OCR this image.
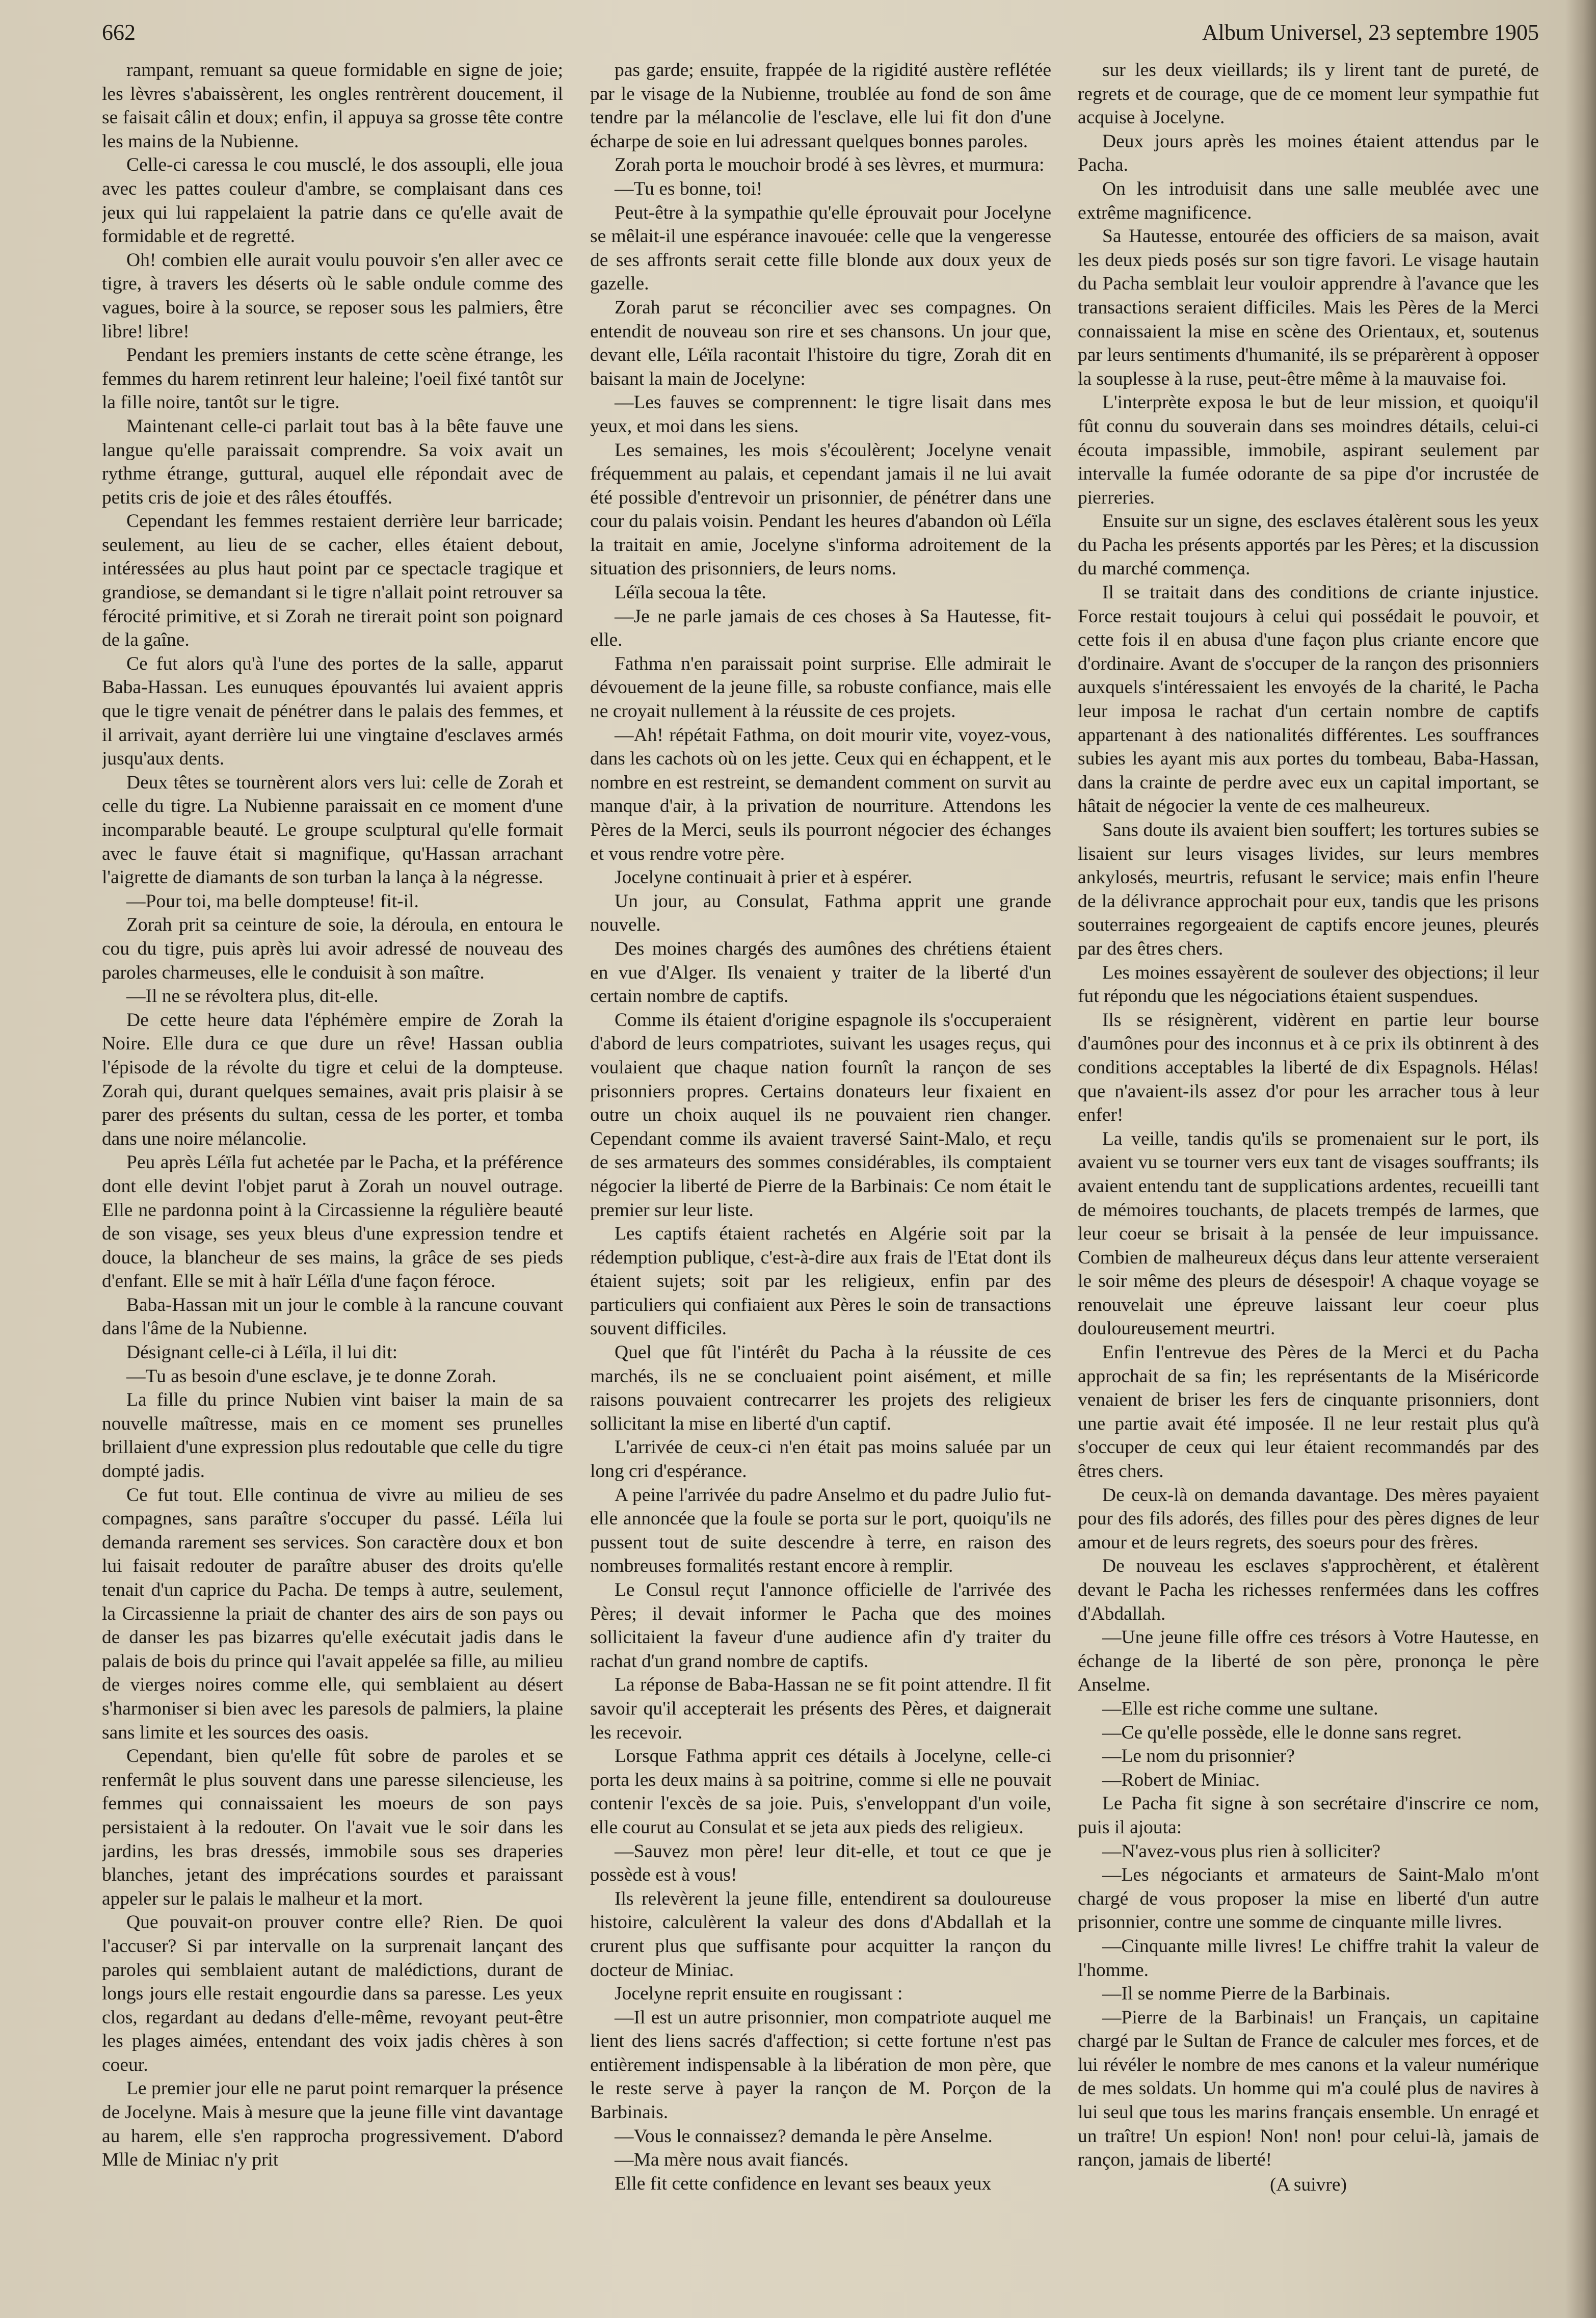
662	Album Universel, 23 septembre 1905

rampant, remuant sa queue formidable en signe de joie; les lèvres s'abaissèrent, les ongles rentrèrent doucement, il se faisait câlin et doux; enfin, il appuya sa grosse tête contre les mains de la Nubienne.

Celle-ci caressa le cou musclé, le dos assoupli, elle joua avec les pattes couleur d'ambre, se complaisant dans ces jeux qui lui rappelaient la patrie dans ce qu'elle avait de formidable et de regretté.

Oh! combien elle aurait voulu pouvoir s'en aller avec ce tigre, à travers les déserts où le sable ondule comme des vagues, boire à la source, se reposer sous les palmiers, être libre! libre!

Pendant les premiers instants de cette scène étrange, les femmes du harem retinrent leur haleine; l'oeil fixé tantôt sur la fille noire, tantôt sur le tigre.

Maintenant celle-ci parlait tout bas à la bête fauve une langue qu'elle paraissait comprendre. Sa voix avait un rythme étrange, guttural, auquel elle répondait avec de petits cris de joie et des râles étouffés.

Cependant les femmes restaient derrière leur barricade; seulement, au lieu de se cacher, elles étaient debout, intéressées au plus haut point par ce spectacle tragique et grandiose, se demandant si le tigre n'allait point retrouver sa férocité primitive, et si Zorah ne tirerait point son poignard de la gaîne.

Ce fut alors qu'à l'une des portes de la salle, apparut Baba-Hassan. Les eunuques épouvantés lui avaient appris que le tigre venait de pénétrer dans le palais des femmes, et il arrivait, ayant derrière lui une vingtaine d'esclaves armés jusqu'aux dents.

Deux têtes se tournèrent alors vers lui: celle de Zorah et celle du tigre. La Nubienne paraissait en ce moment d'une incomparable beauté. Le groupe sculptural qu'elle formait avec le fauve était si magnifique, qu'Hassan arrachant l'aigrette de diamants de son turban la lança à la négresse.

—Pour toi, ma belle dompteuse! fit-il.

Zorah prit sa ceinture de soie, la déroula, en entoura le cou du tigre, puis après lui avoir adressé de nouveau des paroles charmeuses, elle le conduisit à son maître.

—Il ne se révoltera plus, dit-elle.

De cette heure data l'éphémère empire de Zorah la Noire. Elle dura ce que dure un rêve! Hassan oublia l'épisode de la révolte du tigre et celui de la dompteuse. Zorah qui, durant quelques semaines, avait pris plaisir à se parer des présents du sultan, cessa de les porter, et tomba dans une noire mélancolie.

Peu après Léïla fut achetée par le Pacha, et la préférence dont elle devint l'objet parut à Zorah un nouvel outrage. Elle ne pardonna point à la Circassienne la régulière beauté de son visage, ses yeux bleus d'une expression tendre et douce, la blancheur de ses mains, la grâce de ses pieds d'enfant. Elle se mit à haïr Léïla d'une façon féroce.

Baba-Hassan mit un jour le comble à la rancune couvant dans l'âme de la Nubienne.

Désignant celle-ci à Léïla, il lui dit:

—Tu as besoin d'une esclave, je te donne Zorah.

La fille du prince Nubien vint baiser la main de sa nouvelle maîtresse, mais en ce moment ses prunelles brillaient d'une expression plus redoutable que celle du tigre dompté jadis.

Ce fut tout. Elle continua de vivre au milieu de ses compagnes, sans paraître s'occuper du passé. Léïla lui demanda rarement ses services. Son caractère doux et bon lui faisait redouter de paraître abuser des droits qu'elle tenait d'un caprice du Pacha. De temps à autre, seulement, la Circassienne la priait de chanter des airs de son pays ou de danser les pas bizarres qu'elle exécutait jadis dans le palais de bois du prince qui l'avait appelée sa fille, au milieu de vierges noires comme elle, qui semblaient au désert s'harmoniser si bien avec les paresols de palmiers, la plaine sans limite et les sources des oasis.

Cependant, bien qu'elle fût sobre de paroles et se renfermât le plus souvent dans une paresse silencieuse, les femmes qui connaissaient les moeurs de son pays persistaient à la redouter. On l'avait vue le soir dans les jardins, les bras dressés, immobile sous ses draperies blanches, jetant des imprécations sourdes et paraissant appeler sur le palais le malheur et la mort.

Que pouvait-on prouver contre elle? Rien. De quoi l'accuser? Si par intervalle on la surprenait lançant des paroles qui semblaient autant de malédictions, durant de longs jours elle restait engourdie dans sa paresse. Les yeux clos, regardant au dedans d'elle-même, revoyant peut-être les plages aimées, entendant des voix jadis chères à son coeur.

Le premier jour elle ne parut point remarquer la présence de Jocelyne. Mais à mesure que la jeune fille vint davantage au harem, elle s'en rapprocha progressivement. D'abord Mlle de Miniac n'y prit

pas garde; ensuite, frappée de la rigidité austère reflétée par le visage de la Nubienne, troublée au fond de son âme tendre par la mélancolie de l'esclave, elle lui fit don d'une écharpe de soie en lui adressant quelques bonnes paroles.

Zorah porta le mouchoir brodé à ses lèvres, et murmura:

—Tu es bonne, toi!

Peut-être à la sympathie qu'elle éprouvait pour Jocelyne se mêlait-il une espérance inavouée: celle que la vengeresse de ses affronts serait cette fille blonde aux doux yeux de gazelle.

Zorah parut se réconcilier avec ses compagnes. On entendit de nouveau son rire et ses chansons. Un jour que, devant elle, Léïla racontait l'histoire du tigre, Zorah dit en baisant la main de Jocelyne:

—Les fauves se comprennent: le tigre lisait dans mes yeux, et moi dans les siens.

Les semaines, les mois s'écoulèrent; Jocelyne venait fréquemment au palais, et cependant jamais il ne lui avait été possible d'entrevoir un prisonnier, de pénétrer dans une cour du palais voisin. Pendant les heures d'abandon où Léïla la traitait en amie, Jocelyne s'informa adroitement de la situation des prisonniers, de leurs noms.

Léïla secoua la tête.

—Je ne parle jamais de ces choses à Sa Hautesse, fit-elle.

Fathma n'en paraissait point surprise. Elle admirait le dévouement de la jeune fille, sa robuste confiance, mais elle ne croyait nullement à la réussite de ces projets.

—Ah! répétait Fathma, on doit mourir vite, voyez-vous, dans les cachots où on les jette. Ceux qui en échappent, et le nombre en est restreint, se demandent comment on survit au manque d'air, à la privation de nourriture. Attendons les Pères de la Merci, seuls ils pourront négocier des échanges et vous rendre votre père.

Jocelyne continuait à prier et à espérer.

Un jour, au Consulat, Fathma apprit une grande nouvelle.

Des moines chargés des aumônes des chrétiens étaient en vue d'Alger. Ils venaient y traiter de la liberté d'un certain nombre de captifs.

Comme ils étaient d'origine espagnole ils s'occuperaient d'abord de leurs compatriotes, suivant les usages reçus, qui voulaient que chaque nation fournît la rançon de ses prisonniers propres. Certains donateurs leur fixaient en outre un choix auquel ils ne pouvaient rien changer. Cependant comme ils avaient traversé Saint-Malo, et reçu de ses armateurs des sommes considérables, ils comptaient négocier la liberté de Pierre de la Barbinais: Ce nom était le premier sur leur liste.

Les captifs étaient rachetés en Algérie soit par la rédemption publique, c'est-à-dire aux frais de l'Etat dont ils étaient sujets; soit par les religieux, enfin par des particuliers qui confiaient aux Pères le soin de transactions souvent difficiles.

Quel que fût l'intérêt du Pacha à la réussite de ces marchés, ils ne se concluaient point aisément, et mille raisons pouvaient contrecarrer les projets des religieux sollicitant la mise en liberté d'un captif.

L'arrivée de ceux-ci n'en était pas moins saluée par un long cri d'espérance.

A peine l'arrivée du padre Anselmo et du padre Julio fut-elle annoncée que la foule se porta sur le port, quoiqu'ils ne pussent tout de suite descendre à terre, en raison des nombreuses formalités restant encore à remplir.

Le Consul reçut l'annonce officielle de l'arrivée des Pères; il devait informer le Pacha que des moines sollicitaient la faveur d'une audience afin d'y traiter du rachat d'un grand nombre de captifs.

La réponse de Baba-Hassan ne se fit point attendre. Il fit savoir qu'il accepterait les présents des Pères, et daignerait les recevoir.

Lorsque Fathma apprit ces détails à Jocelyne, celle-ci porta les deux mains à sa poitrine, comme si elle ne pouvait contenir l'excès de sa joie. Puis, s'enveloppant d'un voile, elle courut au Consulat et se jeta aux pieds des religieux.

—Sauvez mon père! leur dit-elle, et tout ce que je possède est à vous!

Ils relevèrent la jeune fille, entendirent sa douloureuse histoire, calculèrent la valeur des dons d'Abdallah et la crurent plus que suffisante pour acquitter la rançon du docteur de Miniac.

Jocelyne reprit ensuite en rougissant :

—Il est un autre prisonnier, mon compatriote auquel me lient des liens sacrés d'affection; si cette fortune n'est pas entièrement indispensable à la libération de mon père, que le reste serve à payer la rançon de M. Porçon de la Barbinais.

—Vous le connaissez? demanda le père Anselme.

—Ma mère nous avait fiancés.

Elle fit cette confidence en levant ses beaux yeux

sur les deux vieillards; ils y lirent tant de pureté, de regrets et de courage, que de ce moment leur sympathie fut acquise à Jocelyne.

Deux jours après les moines étaient attendus par le Pacha.

On les introduisit dans une salle meublée avec une extrême magnificence.

Sa Hautesse, entourée des officiers de sa maison, avait les deux pieds posés sur son tigre favori. Le visage hautain du Pacha semblait leur vouloir apprendre à l'avance que les transactions seraient difficiles. Mais les Pères de la Merci connaissaient la mise en scène des Orientaux, et, soutenus par leurs sentiments d'humanité, ils se préparèrent à opposer la souplesse à la ruse, peut-être même à la mauvaise foi.

L'interprète exposa le but de leur mission, et quoiqu'il fût connu du souverain dans ses moindres détails, celui-ci écouta impassible, immobile, aspirant seulement par intervalle la fumée odorante de sa pipe d'or incrustée de pierreries.

Ensuite sur un signe, des esclaves étalèrent sous les yeux du Pacha les présents apportés par les Pères; et la discussion du marché commença.

Il se traitait dans des conditions de criante injustice. Force restait toujours à celui qui possédait le pouvoir, et cette fois il en abusa d'une façon plus criante encore que d'ordinaire. Avant de s'occuper de la rançon des prisonniers auxquels s'intéressaient les envoyés de la charité, le Pacha leur imposa le rachat d'un certain nombre de captifs appartenant à des nationalités différentes. Les souffrances subies les ayant mis aux portes du tombeau, Baba-Hassan, dans la crainte de perdre avec eux un capital important, se hâtait de négocier la vente de ces malheureux.

Sans doute ils avaient bien souffert; les tortures subies se lisaient sur leurs visages livides, sur leurs membres ankylosés, meurtris, refusant le service; mais enfin l'heure de la délivrance approchait pour eux, tandis que les prisons souterraines regorgeaient de captifs encore jeunes, pleurés par des êtres chers.

Les moines essayèrent de soulever des objections; il leur fut répondu que les négociations étaient suspendues.

Ils se résignèrent, vidèrent en partie leur bourse d'aumônes pour des inconnus et à ce prix ils obtinrent à des conditions acceptables la liberté de dix Espagnols. Hélas! que n'avaient-ils assez d'or pour les arracher tous à leur enfer!

La veille, tandis qu'ils se promenaient sur le port, ils avaient vu se tourner vers eux tant de visages souffrants; ils avaient entendu tant de supplications ardentes, recueilli tant de mémoires touchants, de placets trempés de larmes, que leur coeur se brisait à la pensée de leur impuissance. Combien de malheureux déçus dans leur attente verseraient le soir même des pleurs de désespoir! A chaque voyage se renouvelait une épreuve laissant leur coeur plus douloureusement meurtri.

Enfin l'entrevue des Pères de la Merci et du Pacha approchait de sa fin; les représentants de la Miséricorde venaient de briser les fers de cinquante prisonniers, dont une partie avait été imposée. Il ne leur restait plus qu'à s'occuper de ceux qui leur étaient recommandés par des êtres chers.

De ceux-là on demanda davantage. Des mères payaient pour des fils adorés, des filles pour des pères dignes de leur amour et de leurs regrets, des soeurs pour des frères.

De nouveau les esclaves s'approchèrent, et étalèrent devant le Pacha les richesses renfermées dans les coffres d'Abdallah.

—Une jeune fille offre ces trésors à Votre Hautesse, en échange de la liberté de son père, prononça le père Anselme.

—Elle est riche comme une sultane.

—Ce qu'elle possède, elle le donne sans regret.

—Le nom du prisonnier?

—Robert de Miniac.

Le Pacha fit signe à son secrétaire d'inscrire ce nom, puis il ajouta:

—N'avez-vous plus rien à solliciter?

—Les négociants et armateurs de Saint-Malo m'ont chargé de vous proposer la mise en liberté d'un autre prisonnier, contre une somme de cinquante mille livres.

—Cinquante mille livres! Le chiffre trahit la valeur de l'homme.

—Il se nomme Pierre de la Barbinais.

—Pierre de la Barbinais! un Français, un capitaine chargé par le Sultan de France de calculer mes forces, et de lui révéler le nombre de mes canons et la valeur numérique de mes soldats. Un homme qui m'a coulé plus de navires à lui seul que tous les marins français ensemble. Un enragé et un traître! Un espion! Non! non! pour celui-là, jamais de rançon, jamais de liberté!

(A suivre)
